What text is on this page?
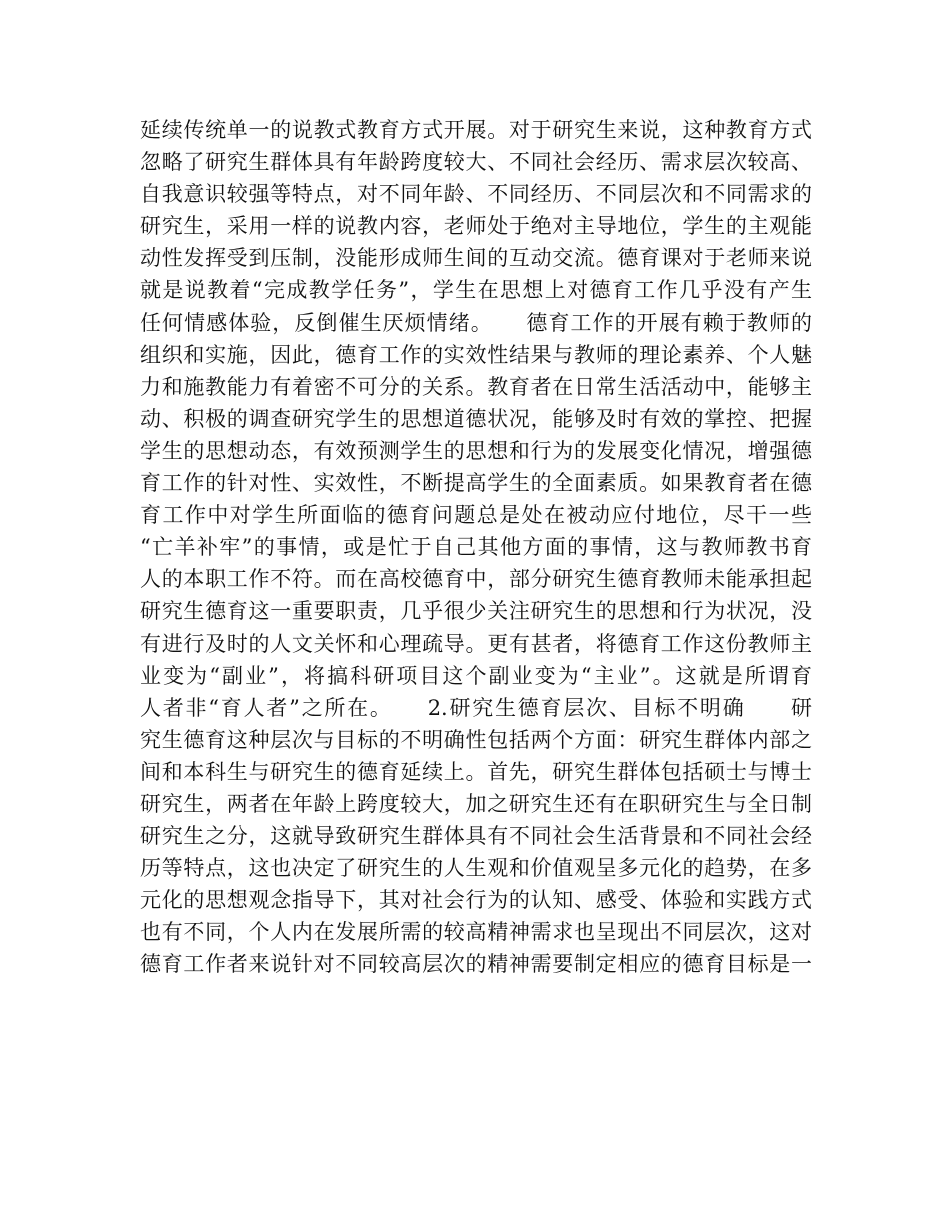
延续传统单一的说教式教育方式开展。对于研究生来说，这种教育方式
忽略了研究生群体具有年龄跨度较大、不同社会经历、需求层次较高、
自我意识较强等特点，对不同年龄、不同经历、不同层次和不同需求的
研究生，采用一样的说教内容，老师处于绝对主导地位，学生的主观能
动性发挥受到压制，没能形成师生间的互动交流。德育课对于老师来说
就是说教着“完成教学任务”，学生在思想上对德育工作几乎没有产生
任何情感体验，反倒催生厌烦情绪。　　德育工作的开展有赖于教师的
组织和实施，因此，德育工作的实效性结果与教师的理论素养、个人魅
力和施教能力有着密不可分的关系。教育者在日常生活活动中，能够主
动、积极的调查研究学生的思想道德状况，能够及时有效的掌控、把握
学生的思想动态，有效预测学生的思想和行为的发展变化情况，增强德
育工作的针对性、实效性，不断提高学生的全面素质。如果教育者在德
育工作中对学生所面临的德育问题总是处在被动应付地位，尽干一些
“亡羊补牢”的事情，或是忙于自己其他方面的事情，这与教师教书育
人的本职工作不符。而在高校德育中，部分研究生德育教师未能承担起
研究生德育这一重要职责，几乎很少关注研究生的思想和行为状况，没
有进行及时的人文关怀和心理疏导。更有甚者，将德育工作这份教师主
业变为“副业”，将搞科研项目这个副业变为“主业”。这就是所谓育
人者非“育人者”之所在。　　2.研究生德育层次、目标不明确　　研
究生德育这种层次与目标的不明确性包括两个方面：研究生群体内部之
间和本科生与研究生的德育延续上。首先，研究生群体包括硕士与博士
研究生，两者在年龄上跨度较大，加之研究生还有在职研究生与全日制
研究生之分，这就导致研究生群体具有不同社会生活背景和不同社会经
历等特点，这也决定了研究生的人生观和价值观呈多元化的趋势，在多
元化的思想观念指导下，其对社会行为的认知、感受、体验和实践方式
也有不同，个人内在发展所需的较高精神需求也呈现出不同层次，这对
德育工作者来说针对不同较高层次的精神需要制定相应的德育目标是一
